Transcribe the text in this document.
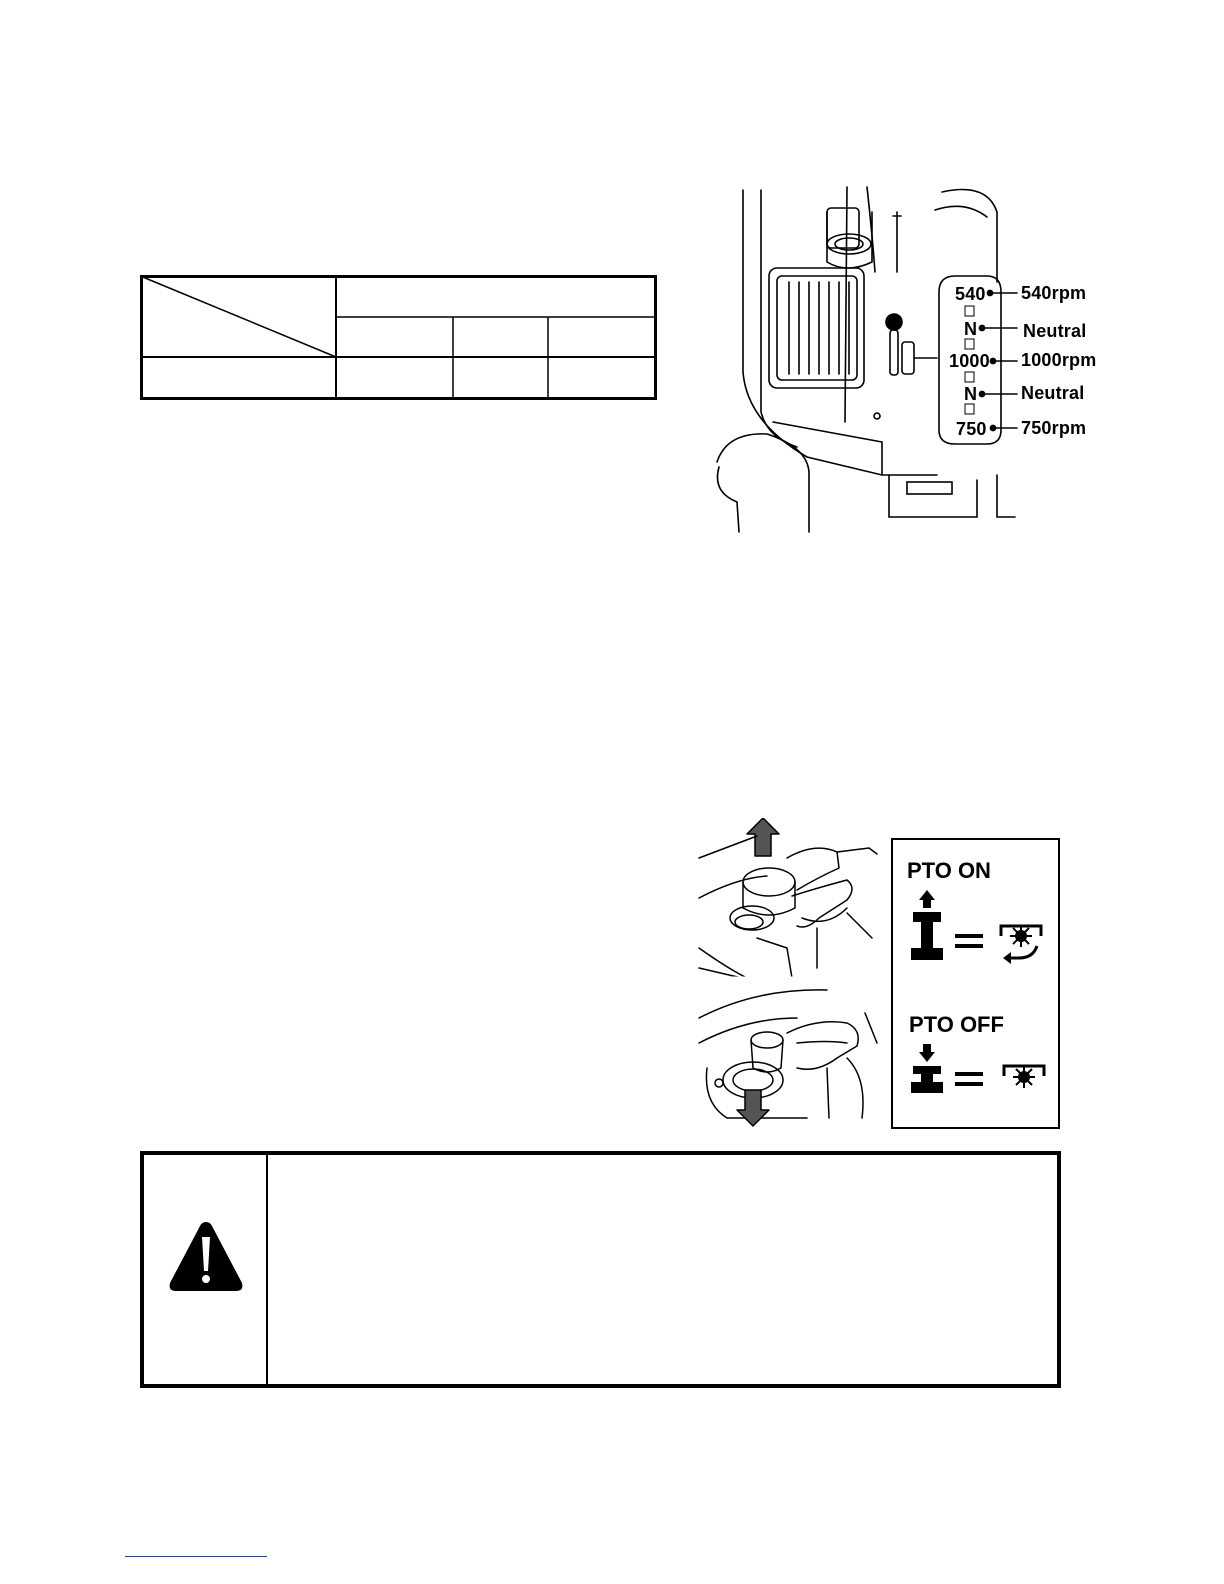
540
N
1000
N
750
540rpm
Neutral
1000rpm
Neutral
750rpm
PTO ON
PTO OFF
